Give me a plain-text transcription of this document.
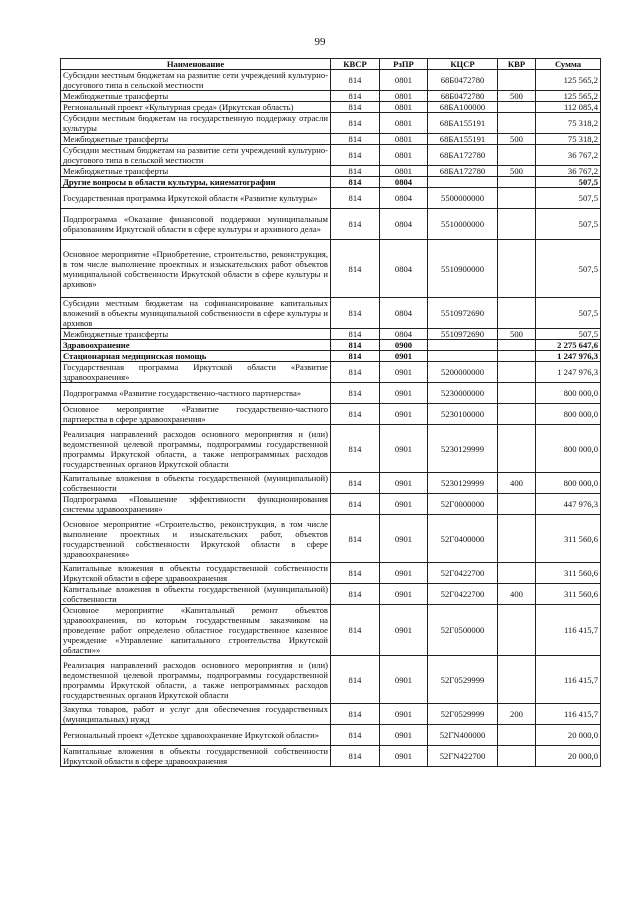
99
Наименование	КВСР	РзПР	КЦСР	КВР	Сумма
Субсидии местным бюджетам на развитие сети учреждений культурно-досугового типа в сельской местности	814	0801	68Б0472780		125 565,2
Межбюджетные трансферты	814	0801	68Б0472780	500	125 565,2
Региональный проект «Культурная среда» (Иркутская область)	814	0801	68БА100000		112 085,4
Субсидии местным бюджетам на государственную поддержку отрасли культуры	814	0801	68БА155191		75 318,2
Межбюджетные трансферты	814	0801	68БА155191	500	75 318,2
Субсидии местным бюджетам на развитие сети учреждений культурно-досугового типа в сельской местности	814	0801	68БА172780		36 767,2
Межбюджетные трансферты	814	0801	68БА172780	500	36 767,2
Другие вопросы в области культуры, кинематографии	814	0804			507,5
Государственная программа Иркутской области «Развитие культуры»	814	0804	5500000000		507,5
Подпрограмма «Оказание финансовой поддержки муниципальным образованиям Иркутской области в сфере культуры и архивного дела»	814	0804	5510000000		507,5
Основное мероприятие «Приобретение, строительство, реконструкция, в том числе выполнение проектных и изыскательских работ объектов муниципальной собственности Иркутской области в сфере культуры и архивов»	814	0804	5510900000		507,5
Субсидии местным бюджетам на софинансирование капитальных вложений в объекты муниципальной собственности в сфере культуры и архивов	814	0804	5510972690		507,5
Межбюджетные трансферты	814	0804	5510972690	500	507,5
Здравоохранение	814	0900			2 275 647,6
Стационарная медицинская помощь	814	0901			1 247 976,3
Государственная программа Иркутской области «Развитие здравоохранения»	814	0901	5200000000		1 247 976,3
Подпрограмма «Развитие государственно-частного партнерства»	814	0901	5230000000		800 000,0
Основное мероприятие «Развитие государственно-частного партнерства в сфере здравоохранения»	814	0901	5230100000		800 000,0
Реализация направлений расходов основного мероприятия и (или) ведомственной целевой программы, подпрограммы государственной программы Иркутской области, а также непрограммных расходов государственных органов Иркутской области	814	0901	5230129999		800 000,0
Капитальные вложения в объекты государственной (муниципальной) собственности	814	0901	5230129999	400	800 000,0
Подпрограмма «Повышение эффективности функционирования системы здравоохранения»	814	0901	52Г0000000		447 976,3
Основное мероприятие «Строительство, реконструкция, в том числе выполнение проектных и изыскательских работ, объектов государственной собственности Иркутской области в сфере здравоохранения»	814	0901	52Г0400000		311 560,6
Капитальные вложения в объекты государственной собственности Иркутской области в сфере здравоохранения	814	0901	52Г0422700		311 560,6
Капитальные вложения в объекты государственной (муниципальной) собственности	814	0901	52Г0422700	400	311 560,6
Основное мероприятие «Капитальный ремонт объектов здравоохранения, по которым государственным заказчиком на проведение работ определено областное государственное казенное учреждение «Управление капитального строительства Иркутской области»»	814	0901	52Г0500000		116 415,7
Реализация направлений расходов основного мероприятия и (или) ведомственной целевой программы, подпрограммы государственной программы Иркутской области, а также непрограммных расходов государственных органов Иркутской области	814	0901	52Г0529999		116 415,7
Закупка товаров, работ и услуг для обеспечения государственных (муниципальных) нужд	814	0901	52Г0529999	200	116 415,7
Региональный проект «Детское здравоохранение Иркутской области»	814	0901	52ГN400000		20 000,0
Капитальные вложения в объекты государственной собственности Иркутской области в сфере здравоохранения	814	0901	52ГN422700		20 000,0
